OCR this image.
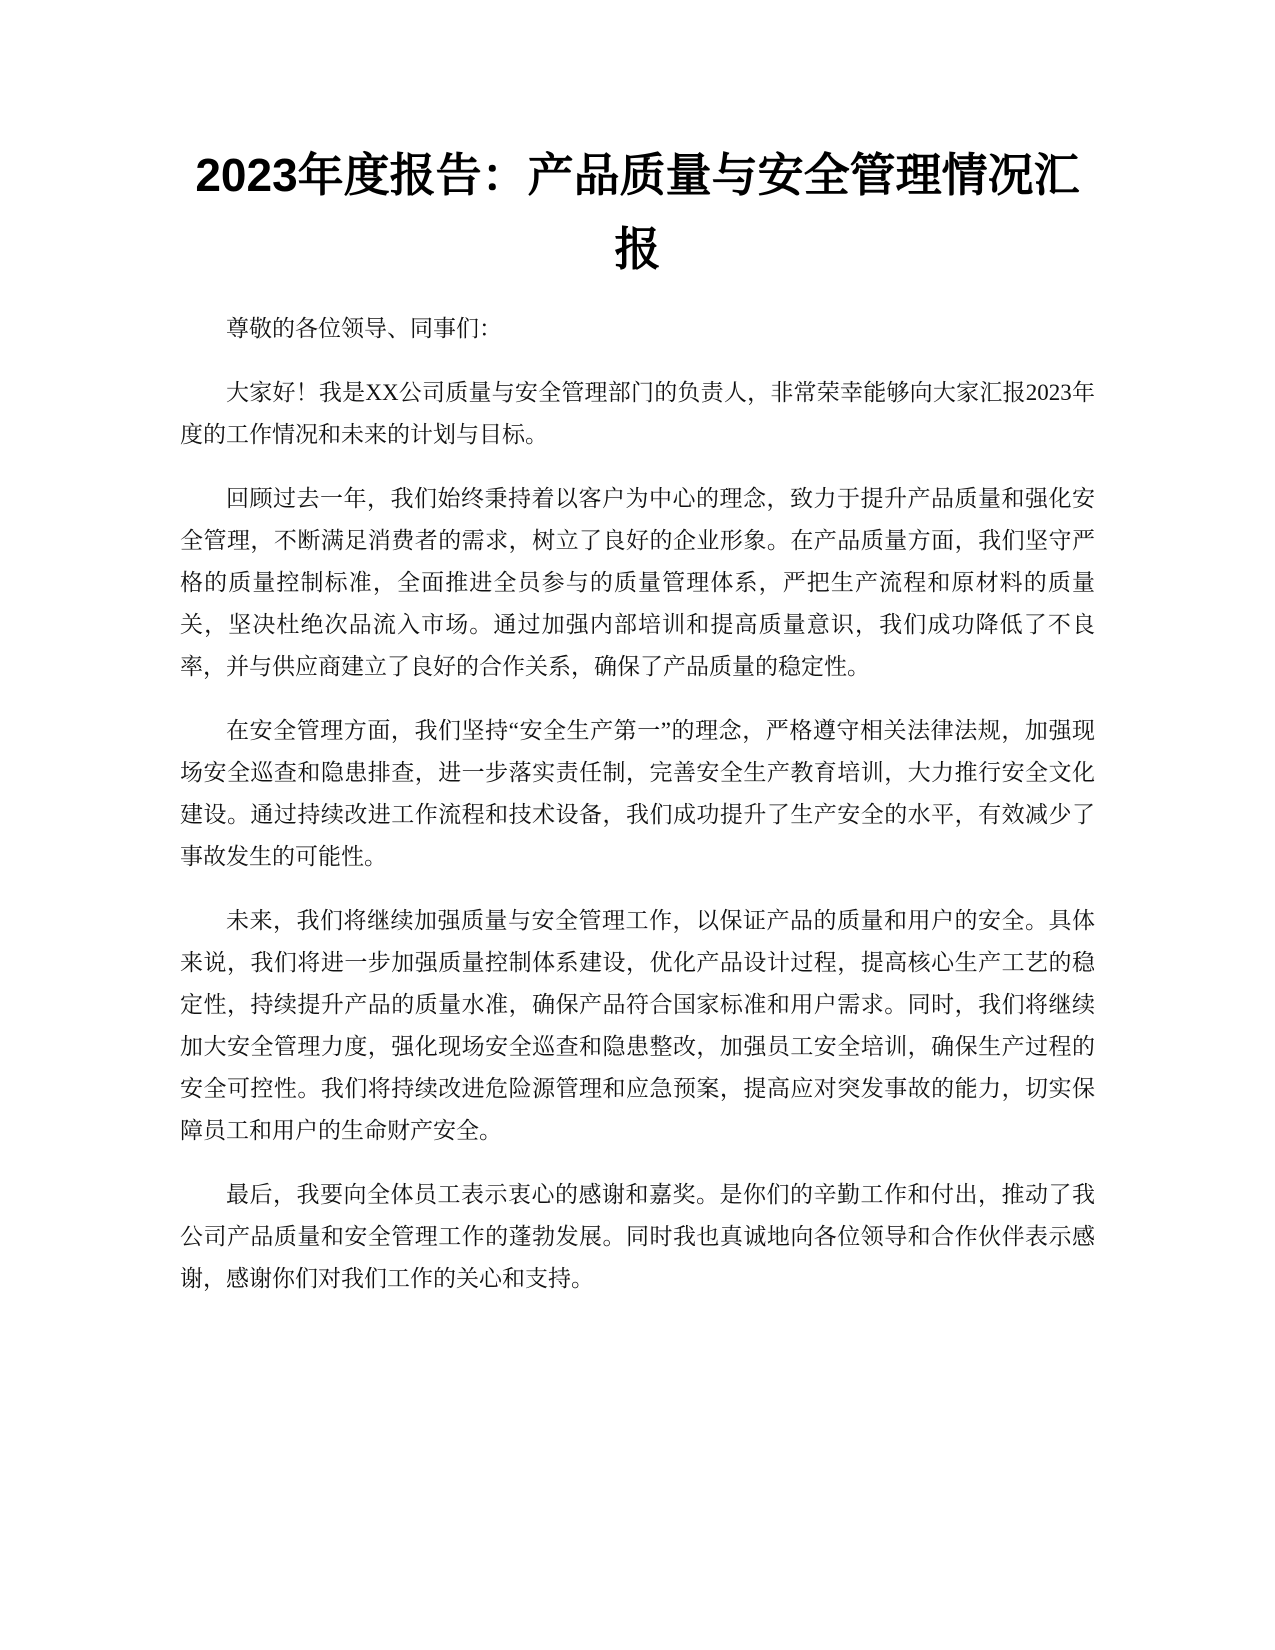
2023年度报告：产品质量与安全管理情况汇报

尊敬的各位领导、同事们：

大家好！我是XX公司质量与安全管理部门的负责人，非常荣幸能够向大家汇报2023年度的工作情况和未来的计划与目标。

回顾过去一年，我们始终秉持着以客户为中心的理念，致力于提升产品质量和强化安全管理，不断满足消费者的需求，树立了良好的企业形象。在产品质量方面，我们坚守严格的质量控制标准，全面推进全员参与的质量管理体系，严把生产流程和原材料的质量关，坚决杜绝次品流入市场。通过加强内部培训和提高质量意识，我们成功降低了不良率，并与供应商建立了良好的合作关系，确保了产品质量的稳定性。

在安全管理方面，我们坚持“安全生产第一”的理念，严格遵守相关法律法规，加强现场安全巡查和隐患排查，进一步落实责任制，完善安全生产教育培训，大力推行安全文化建设。通过持续改进工作流程和技术设备，我们成功提升了生产安全的水平，有效减少了事故发生的可能性。

未来，我们将继续加强质量与安全管理工作，以保证产品的质量和用户的安全。具体来说，我们将进一步加强质量控制体系建设，优化产品设计过程，提高核心生产工艺的稳定性，持续提升产品的质量水准，确保产品符合国家标准和用户需求。同时，我们将继续加大安全管理力度，强化现场安全巡查和隐患整改，加强员工安全培训，确保生产过程的安全可控性。我们将持续改进危险源管理和应急预案，提高应对突发事故的能力，切实保障员工和用户的生命财产安全。

最后，我要向全体员工表示衷心的感谢和嘉奖。是你们的辛勤工作和付出，推动了我公司产品质量和安全管理工作的蓬勃发展。同时我也真诚地向各位领导和合作伙伴表示感谢，感谢你们对我们工作的关心和支持。
